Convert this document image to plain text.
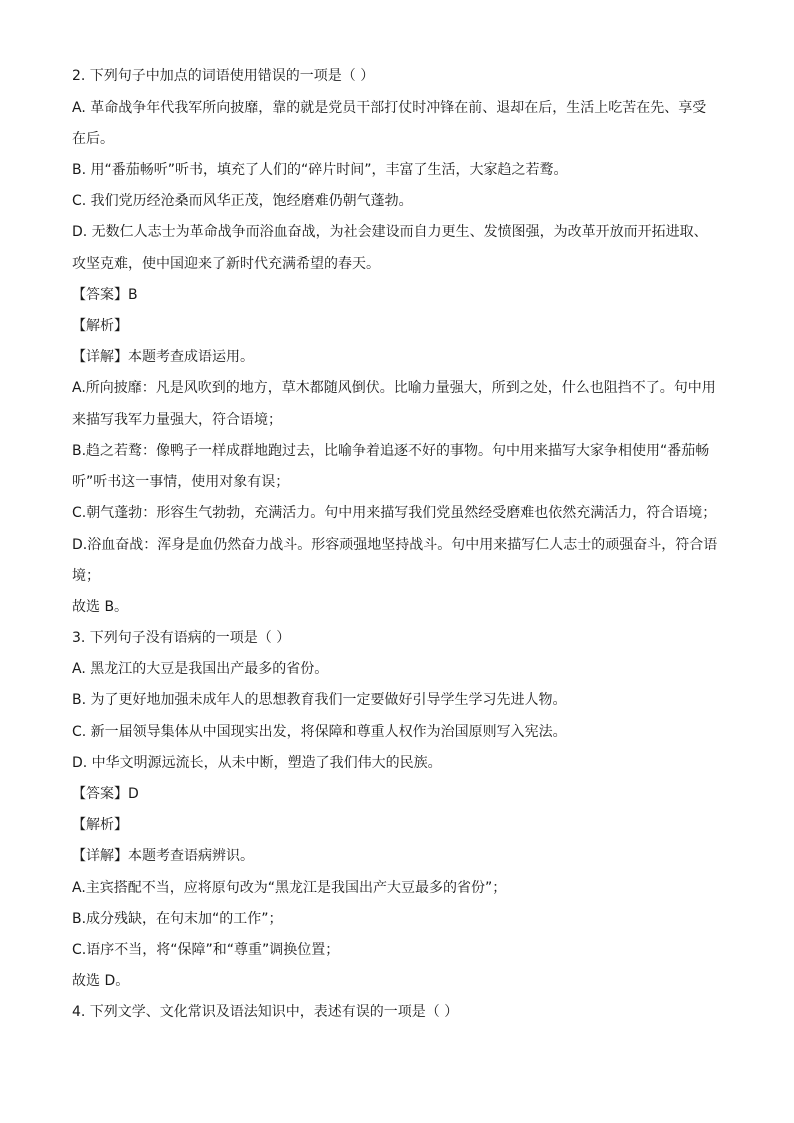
2. 下列句子中加点的词语使用错误的一项是（ ）
A. 革命战争年代我军所向披靡，靠的就是党员干部打仗时冲锋在前、退却在后，生活上吃苦在先、享受
在后。
B. 用“番茄畅听”听书，填充了人们的“碎片时间”，丰富了生活，大家趋之若鹜。
C. 我们党历经沧桑而风华正茂，饱经磨难仍朝气蓬勃。
D. 无数仁人志士为革命战争而浴血奋战，为社会建设而自力更生、发愤图强，为改革开放而开拓进取、
攻坚克难，使中国迎来了新时代充满希望的春天。
【答案】B
【解析】
【详解】本题考查成语运用。
A.所向披靡：凡是风吹到的地方，草木都随风倒伏。比喻力量强大，所到之处，什么也阻挡不了。句中用
来描写我军力量强大，符合语境；
B.趋之若鹜：像鸭子一样成群地跑过去，比喻争着追逐不好的事物。句中用来描写大家争相使用“番茄畅
听”听书这一事情，使用对象有误；
C.朝气蓬勃：形容生气勃勃，充满活力。句中用来描写我们党虽然经受磨难也依然充满活力，符合语境；
D.浴血奋战：浑身是血仍然奋力战斗。形容顽强地坚持战斗。句中用来描写仁人志士的顽强奋斗，符合语
境；
故选 B。
3. 下列句子没有语病的一项是（ ）
A. 黑龙江的大豆是我国出产最多的省份。
B. 为了更好地加强未成年人的思想教育我们一定要做好引导学生学习先进人物。
C. 新一届领导集体从中国现实出发，将保障和尊重人权作为治国原则写入宪法。
D. 中华文明源远流长，从未中断，塑造了我们伟大的民族。
【答案】D
【解析】
【详解】本题考查语病辨识。
A.主宾搭配不当，应将原句改为“黑龙江是我国出产大豆最多的省份”；
B.成分残缺，在句末加“的工作”；
C.语序不当，将“保障”和“尊重”调换位置；
故选 D。
4. 下列文学、文化常识及语法知识中，表述有误的一项是（ ）
